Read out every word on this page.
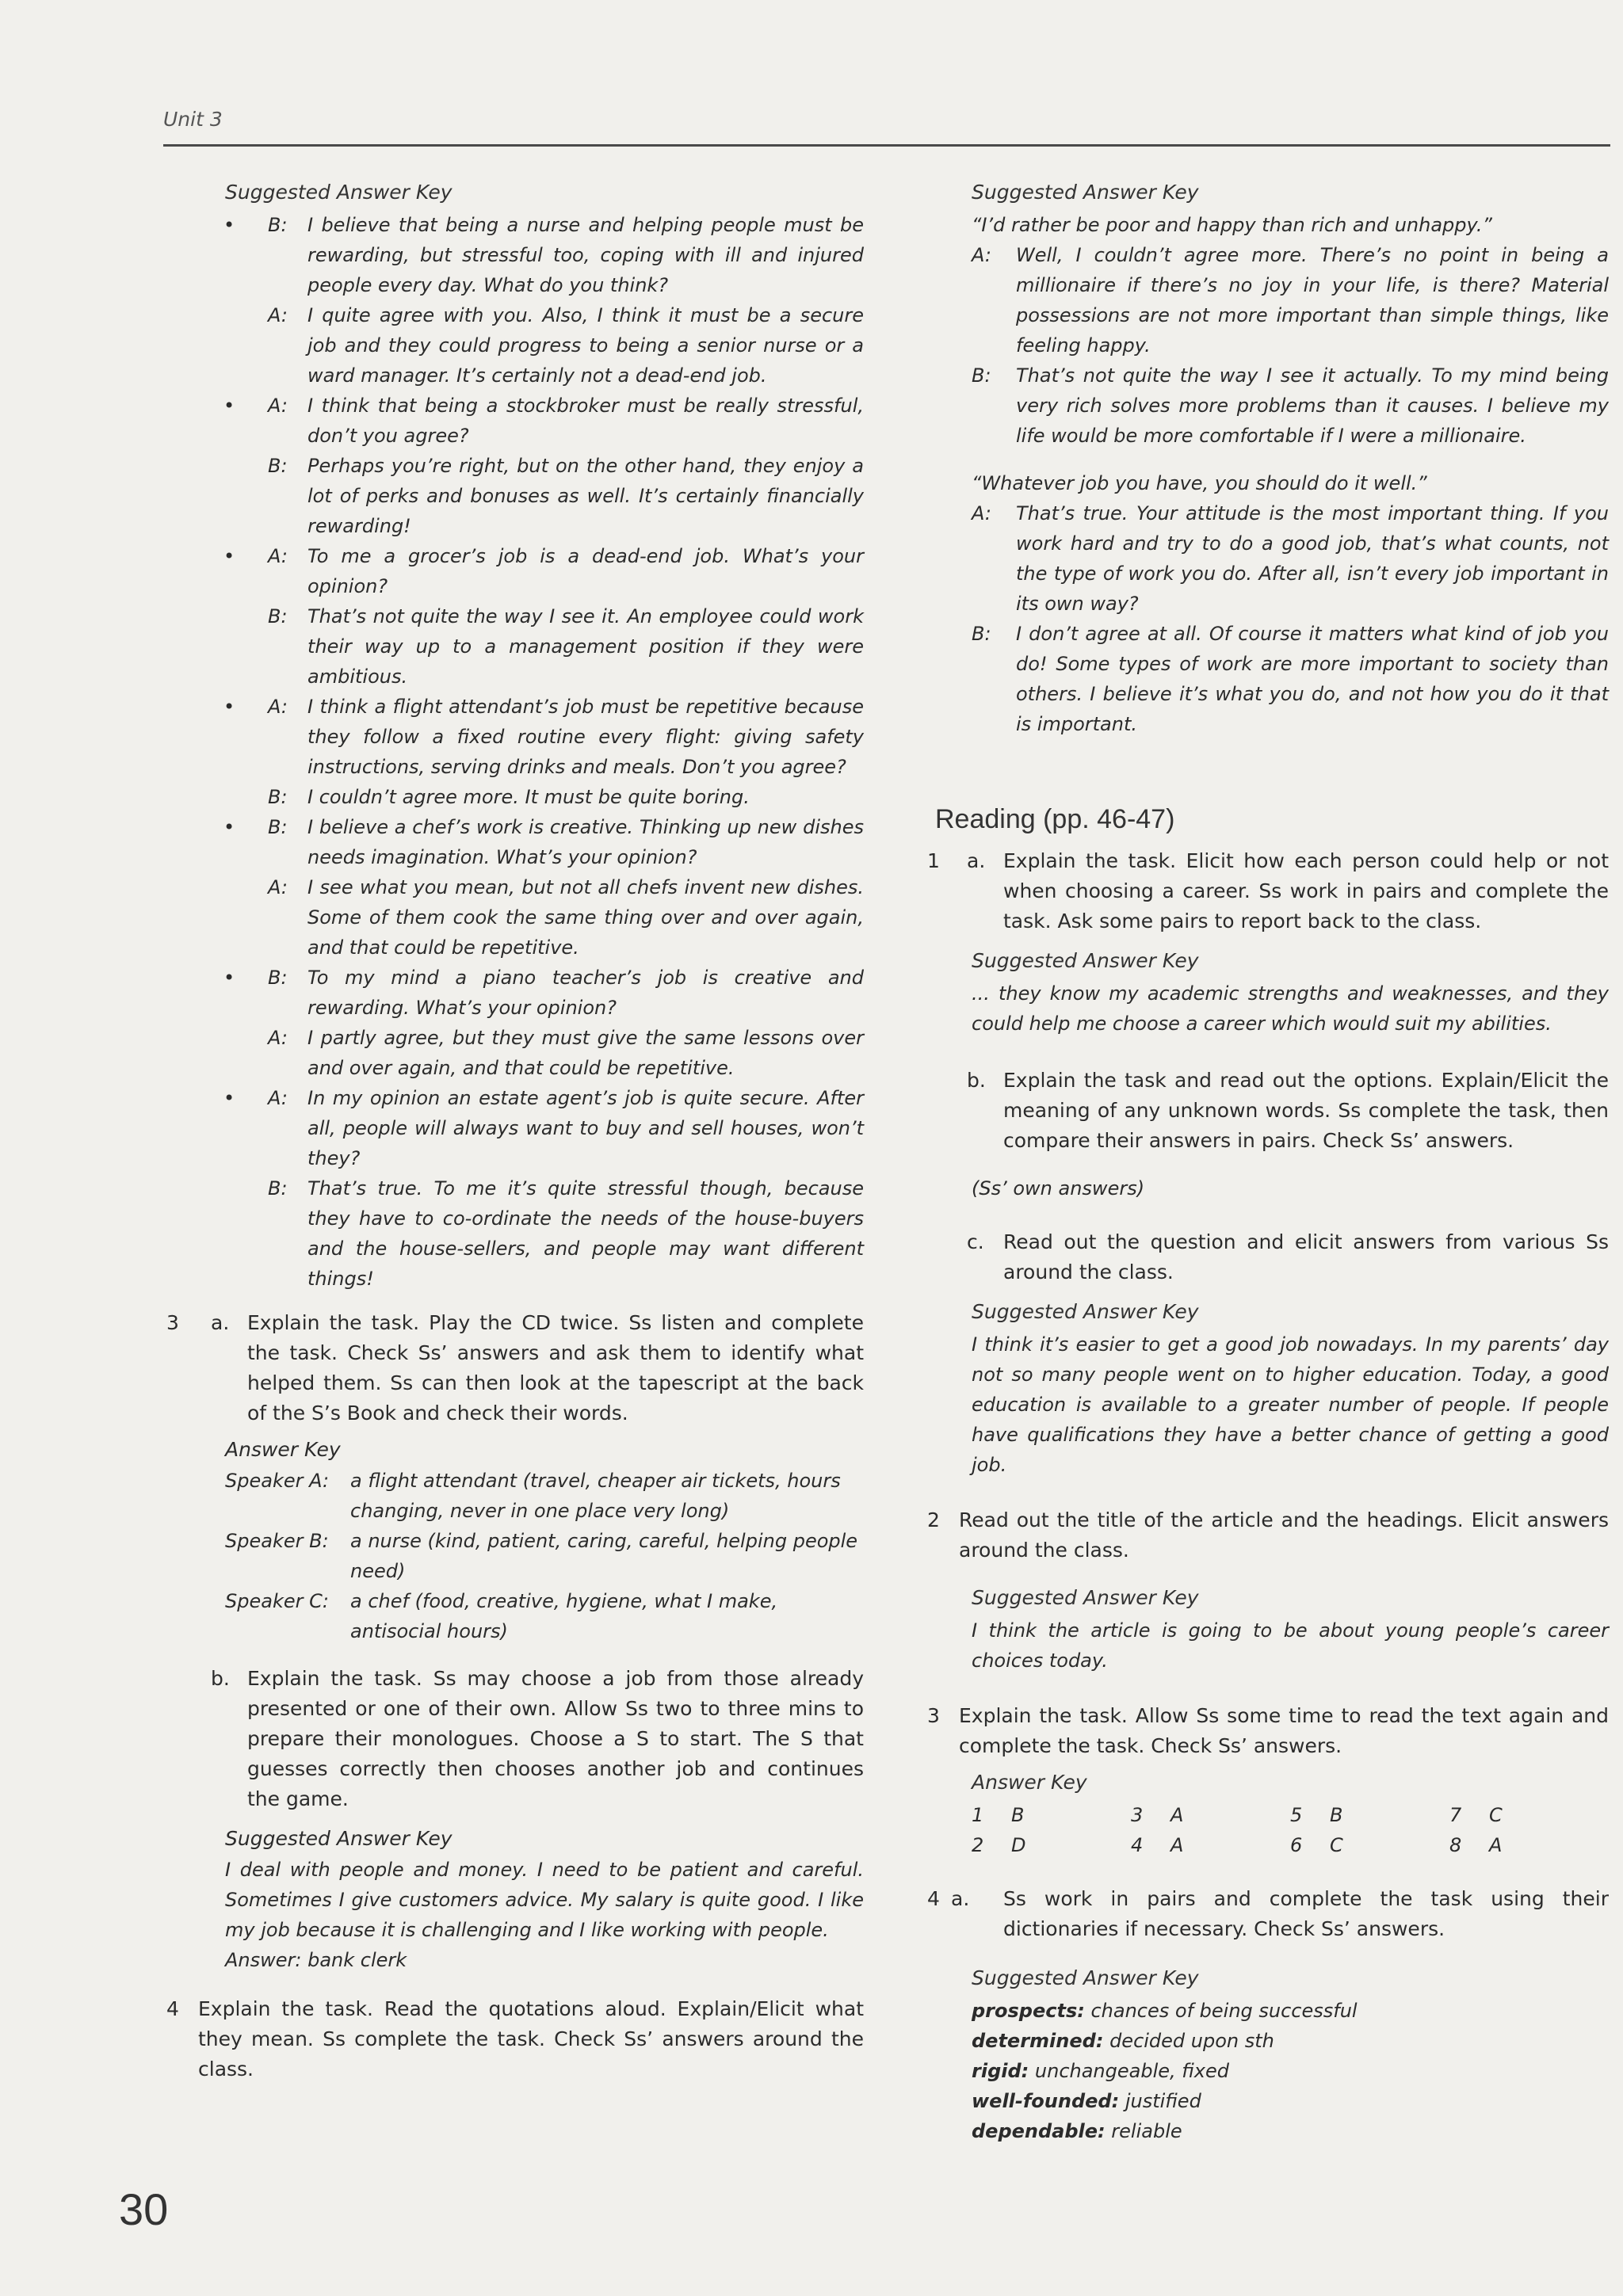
Unit 3
Suggested Answer Key
• B: I believe that being a nurse and helping people must be rewarding, but stressful too, coping with ill and injured people every day. What do you think?
A: I quite agree with you. Also, I think it must be a secure job and they could progress to being a senior nurse or a ward manager. It’s certainly not a dead-end job.
• A: I think that being a stockbroker must be really stressful, don’t you agree?
B: Perhaps you’re right, but on the other hand, they enjoy a lot of perks and bonuses as well. It’s certainly financially rewarding!
• A: To me a grocer’s job is a dead-end job. What’s your opinion?
B: That’s not quite the way I see it. An employee could work their way up to a management position if they were ambitious.
• A: I think a flight attendant’s job must be repetitive because they follow a fixed routine every flight: giving safety instructions, serving drinks and meals. Don’t you agree?
B: I couldn’t agree more. It must be quite boring.
• B: I believe a chef’s work is creative. Thinking up new dishes needs imagination. What’s your opinion?
A: I see what you mean, but not all chefs invent new dishes. Some of them cook the same thing over and over again, and that could be repetitive.
• B: To my mind a piano teacher’s job is creative and rewarding. What’s your opinion?
A: I partly agree, but they must give the same lessons over and over again, and that could be repetitive.
• A: In my opinion an estate agent’s job is quite secure. After all, people will always want to buy and sell houses, won’t they?
B: That’s true. To me it’s quite stressful though, because they have to co-ordinate the needs of the house-buyers and the house-sellers, and people may want different things!
3 a. Explain the task. Play the CD twice. Ss listen and complete the task. Check Ss’ answers and ask them to identify what helped them. Ss can then look at the tapescript at the back of the S’s Book and check their words.
Answer Key
Speaker A: a flight attendant (travel, cheaper air tickets, hours changing, never in one place very long)
Speaker B: a nurse (kind, patient, caring, careful, helping people need)
Speaker C: a chef (food, creative, hygiene, what I make, antisocial hours)
b. Explain the task. Ss may choose a job from those already presented or one of their own. Allow Ss two to three mins to prepare their monologues. Choose a S to start. The S that guesses correctly then chooses another job and continues the game.
Suggested Answer Key
I deal with people and money. I need to be patient and careful. Sometimes I give customers advice. My salary is quite good. I like my job because it is challenging and I like working with people.
Answer: bank clerk
4 Explain the task. Read the quotations aloud. Explain/Elicit what they mean. Ss complete the task. Check Ss’ answers around the class.
Suggested Answer Key
“I’d rather be poor and happy than rich and unhappy.”
A: Well, I couldn’t agree more. There’s no point in being a millionaire if there’s no joy in your life, is there? Material possessions are not more important than simple things, like feeling happy.
B: That’s not quite the way I see it actually. To my mind being very rich solves more problems than it causes. I believe my life would be more comfortable if I were a millionaire.
“Whatever job you have, you should do it well.”
A: That’s true. Your attitude is the most important thing. If you work hard and try to do a good job, that’s what counts, not the type of work you do. After all, isn’t every job important in its own way?
B: I don’t agree at all. Of course it matters what kind of job you do! Some types of work are more important to society than others. I believe it’s what you do, and not how you do it that is important.
Reading (pp. 46-47)
1 a. Explain the task. Elicit how each person could help or not when choosing a career. Ss work in pairs and complete the task. Ask some pairs to report back to the class.
Suggested Answer Key
... they know my academic strengths and weaknesses, and they could help me choose a career which would suit my abilities.
b. Explain the task and read out the options. Explain/Elicit the meaning of any unknown words. Ss complete the task, then compare their answers in pairs. Check Ss’ answers.
(Ss’ own answers)
c. Read out the question and elicit answers from various Ss around the class.
Suggested Answer Key
I think it’s easier to get a good job nowadays. In my parents’ day not so many people went on to higher education. Today, a good education is available to a greater number of people. If people have qualifications they have a better chance of getting a good job.
2 Read out the title of the article and the headings. Elicit answers around the class.
Suggested Answer Key
I think the article is going to be about young people’s career choices today.
3 Explain the task. Allow Ss some time to read the text again and complete the task. Check Ss’ answers.
Answer Key
1 B	3 A	5 B	7 C
2 D	4 A	6 C	8 A
4 a. Ss work in pairs and complete the task using their dictionaries if necessary. Check Ss’ answers.
Suggested Answer Key
prospects: chances of being successful
determined: decided upon sth
rigid: unchangeable, fixed
well-founded: justified
dependable: reliable
30
